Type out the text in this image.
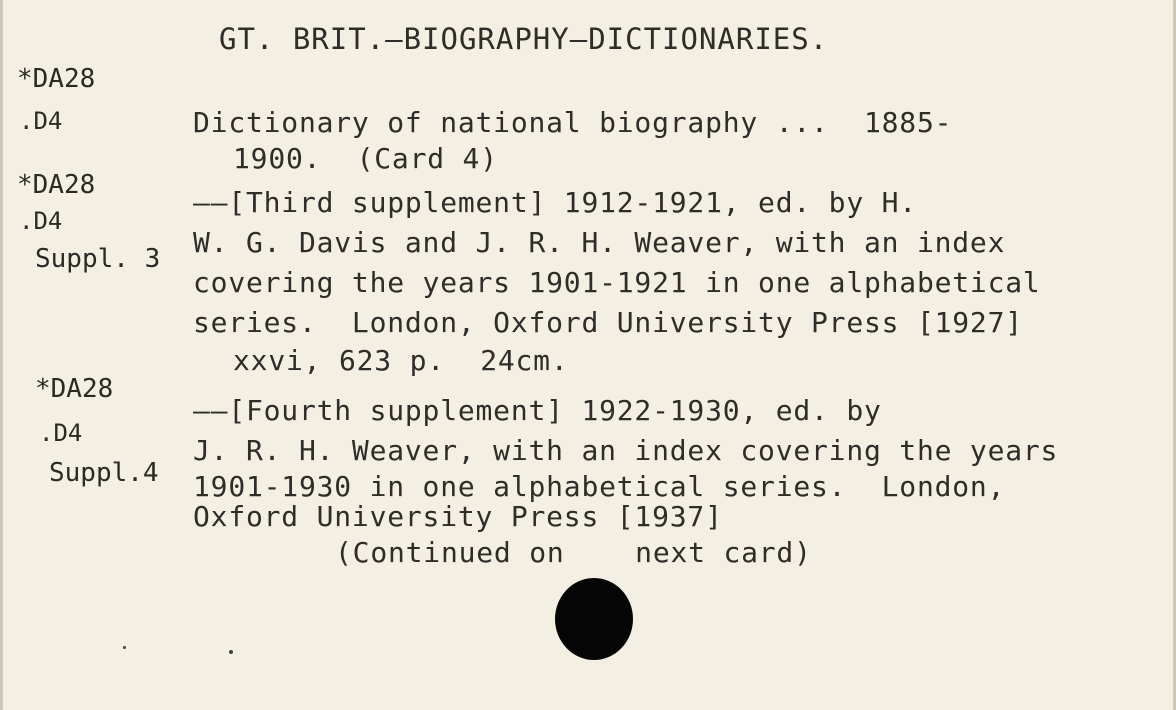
GT. BRIT.—BIOGRAPHY—DICTIONARIES.
*DA28
.D4
*DA28
.D4
Suppl. 3
*DA28
.D4
Suppl.4
Dictionary of national biography ...  1885-
1900.  (Card 4)
——[Third supplement] 1912-1921, ed. by H.
W. G. Davis and J. R. H. Weaver, with an index
covering the years 1901-1921 in one alphabetical
series.  London, Oxford University Press [1927]
xxvi, 623 p.  24cm.
——[Fourth supplement] 1922-1930, ed. by
J. R. H. Weaver, with an index covering the years
1901-1930 in one alphabetical series.  London,
Oxford University Press [1937]
(Continued on    next card)
